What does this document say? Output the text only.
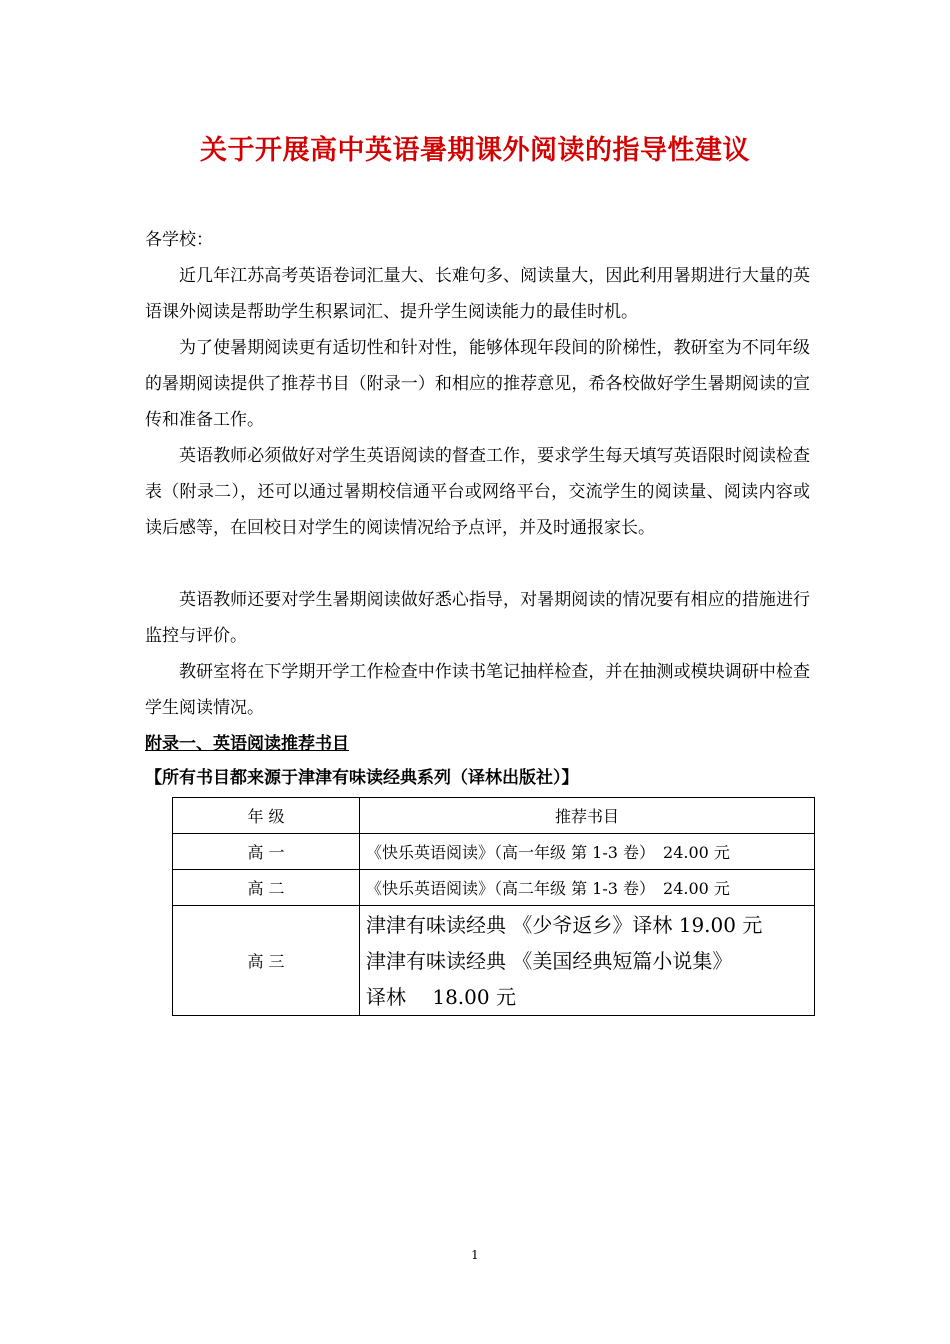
关于开展高中英语暑期课外阅读的指导性建议
各学校：
近几年江苏高考英语卷词汇量大、长难句多、阅读量大，因此利用暑期进行大量的英语课外阅读是帮助学生积累词汇、提升学生阅读能力的最佳时机。
为了使暑期阅读更有适切性和针对性，能够体现年段间的阶梯性，教研室为不同年级的暑期阅读提供了推荐书目（附录一）和相应的推荐意见，希各校做好学生暑期阅读的宣传和准备工作。
英语教师必须做好对学生英语阅读的督查工作，要求学生每天填写英语限时阅读检查表（附录二），还可以通过暑期校信通平台或网络平台，交流学生的阅读量、阅读内容或读后感等，在回校日对学生的阅读情况给予点评，并及时通报家长。
英语教师还要对学生暑期阅读做好悉心指导，对暑期阅读的情况要有相应的措施进行监控与评价。
教研室将在下学期开学工作检查中作读书笔记抽样检查，并在抽测或模块调研中检查学生阅读情况。
附录一、英语阅读推荐书目
【所有书目都来源于津津有味读经典系列（译林出版社）】
年 级	推荐书目
高 一	《快乐英语阅读》（高一年级 第 1-3 卷）　24.00 元
高 二	《快乐英语阅读》（高二年级 第 1-3 卷）　24.00 元
高 三	津津有味读经典 《少爷返乡》译林 19.00 元
津津有味读经典 《美国经典短篇小说集》
译林　 18.00 元
1
